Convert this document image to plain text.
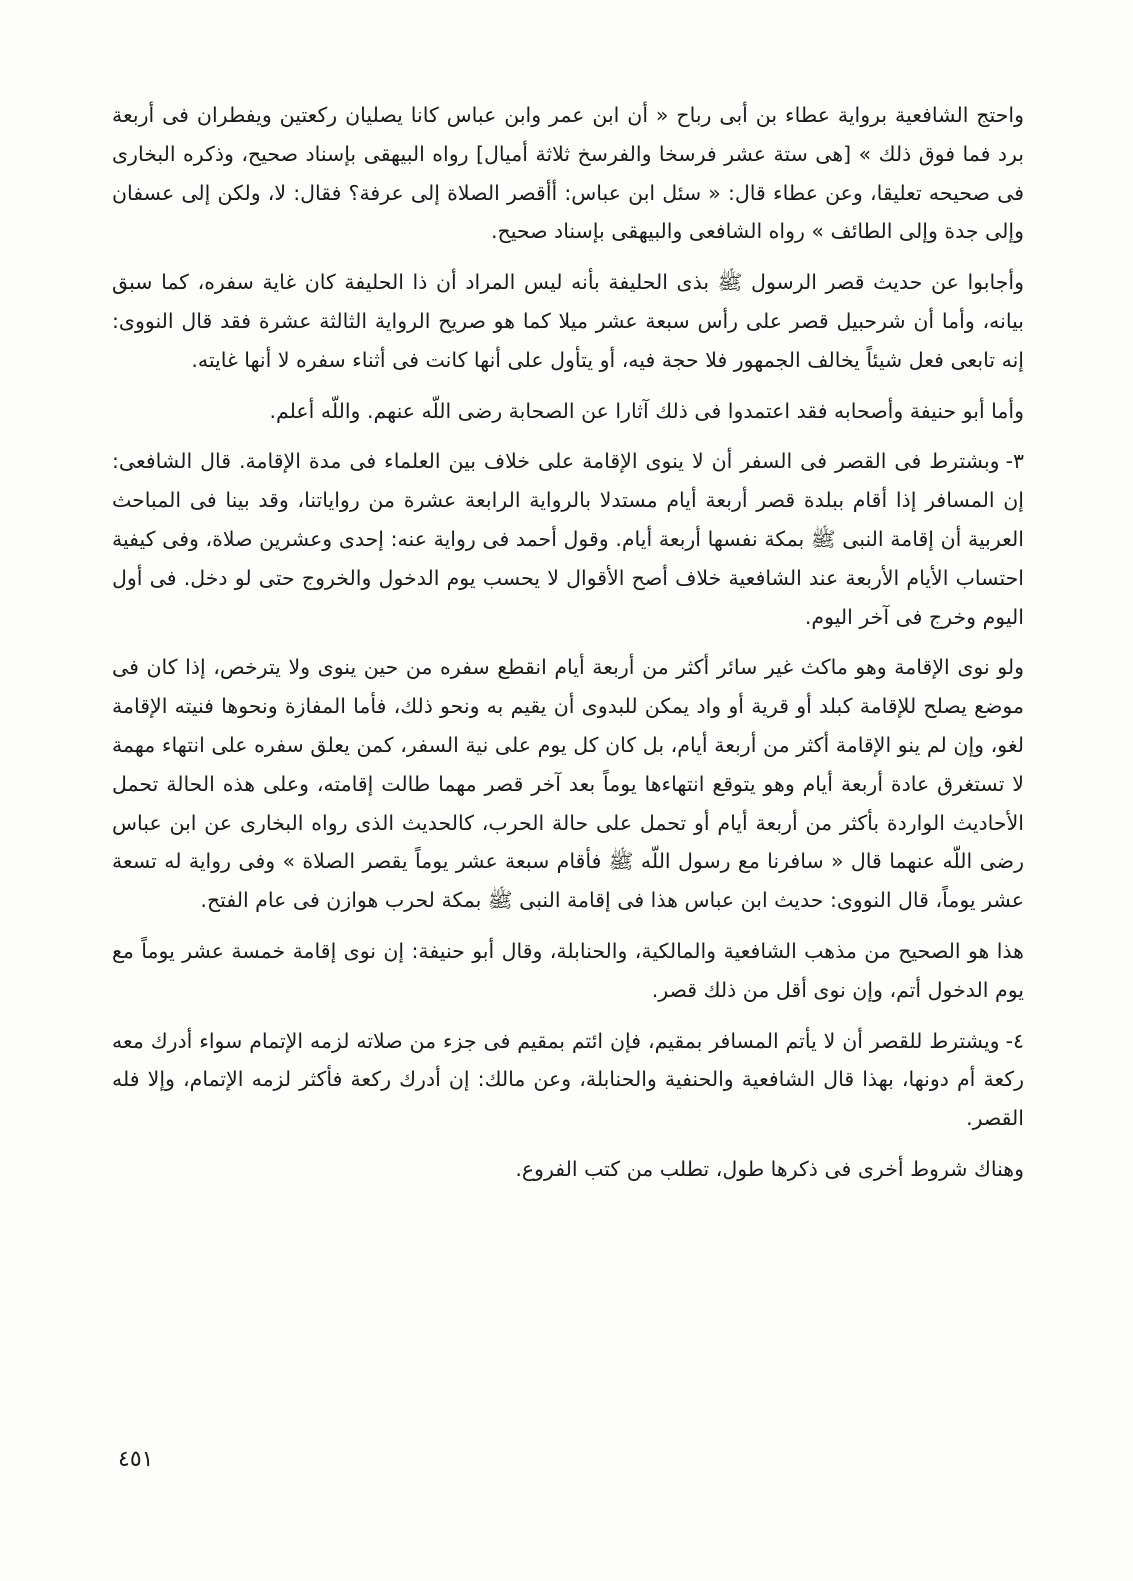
واحتج الشافعية برواية عطاء بن أبى رباح « أن ابن عمر وابن عباس كانا يصليان ركعتين ويفطران فى أربعة برد فما فوق ذلك » [هى ستة عشر فرسخا والفرسخ ثلاثة أميال] رواه البيهقى بإسناد صحيح، وذكره البخارى فى صحيحه تعليقا، وعن عطاء قال: « سئل ابن عباس: أأقصر الصلاة إلى عرفة؟ فقال: لا، ولكن إلى عسفان وإلى جدة وإلى الطائف » رواه الشافعى والبيهقى بإسناد صحيح.

وأجابوا عن حديث قصر الرسول ﷺ بذى الحليفة بأنه ليس المراد أن ذا الحليفة كان غاية سفره، كما سبق بيانه، وأما أن شرحبيل قصر على رأس سبعة عشر ميلا كما هو صريح الرواية الثالثة عشرة فقد قال النووى: إنه تابعى فعل شيئاً يخالف الجمهور فلا حجة فيه، أو يتأول على أنها كانت فى أثناء سفره لا أنها غايته.

وأما أبو حنيفة وأصحابه فقد اعتمدوا فى ذلك آثارا عن الصحابة رضى اللّه عنهم. واللّه أعلم.

٣-وبشترط فى القصر فى السفر أن لا ينوى الإقامة على خلاف بين العلماء فى مدة الإقامة. قال الشافعى: إن المسافر إذا أقام ببلدة قصر أربعة أيام مستدلا بالرواية الرابعة عشرة من رواياتنا، وقد بينا فى المباحث العربية أن إقامة النبى ﷺ بمكة نفسها أربعة أيام. وقول أحمد فى رواية عنه: إحدى وعشرين صلاة، وفى كيفية احتساب الأيام الأربعة عند الشافعية خلاف أصح الأقوال لا يحسب يوم الدخول والخروج حتى لو دخل. فى أول اليوم وخرج فى آخر اليوم.

ولو نوى الإقامة وهو ماكث غير سائر أكثر من أربعة أيام انقطع سفره من حين ينوى ولا يترخص، إذا كان فى موضع يصلح للإقامة كبلد أو قرية أو واد يمكن للبدوى أن يقيم به ونحو ذلك، فأما المفازة ونحوها فنيته الإقامة لغو، وإن لم ينو الإقامة أكثر من أربعة أيام، بل كان كل يوم على نية السفر، كمن يعلق سفره على انتهاء مهمة لا تستغرق عادة أربعة أيام وهو يتوقع انتهاءها يوماً بعد آخر قصر مهما طالت إقامته، وعلى هذه الحالة تحمل الأحاديث الواردة بأكثر من أربعة أيام أو تحمل على حالة الحرب، كالحديث الذى رواه البخارى عن ابن عباس رضى اللّه عنهما قال « سافرنا مع رسول اللّه ﷺ فأقام سبعة عشر يوماً يقصر الصلاة » وفى رواية له تسعة عشر يوماً، قال النووى: حديث ابن عباس هذا فى إقامة النبى ﷺ بمكة لحرب هوازن فى عام الفتح.

هذا هو الصحيح من مذهب الشافعية والمالكية، والحنابلة، وقال أبو حنيفة: إن نوى إقامة خمسة عشر يوماً مع يوم الدخول أتم، وإن نوى أقل من ذلك قصر.

٤-ويشترط للقصر أن لا يأتم المسافر بمقيم، فإن ائتم بمقيم فى جزء من صلاته لزمه الإتمام سواء أدرك معه ركعة أم دونها، بهذا قال الشافعية والحنفية والحنابلة، وعن مالك: إن أدرك ركعة فأكثر لزمه الإتمام، وإلا فله القصر.

وهناك شروط أخرى فى ذكرها طول، تطلب من كتب الفروع.

٤٥١
